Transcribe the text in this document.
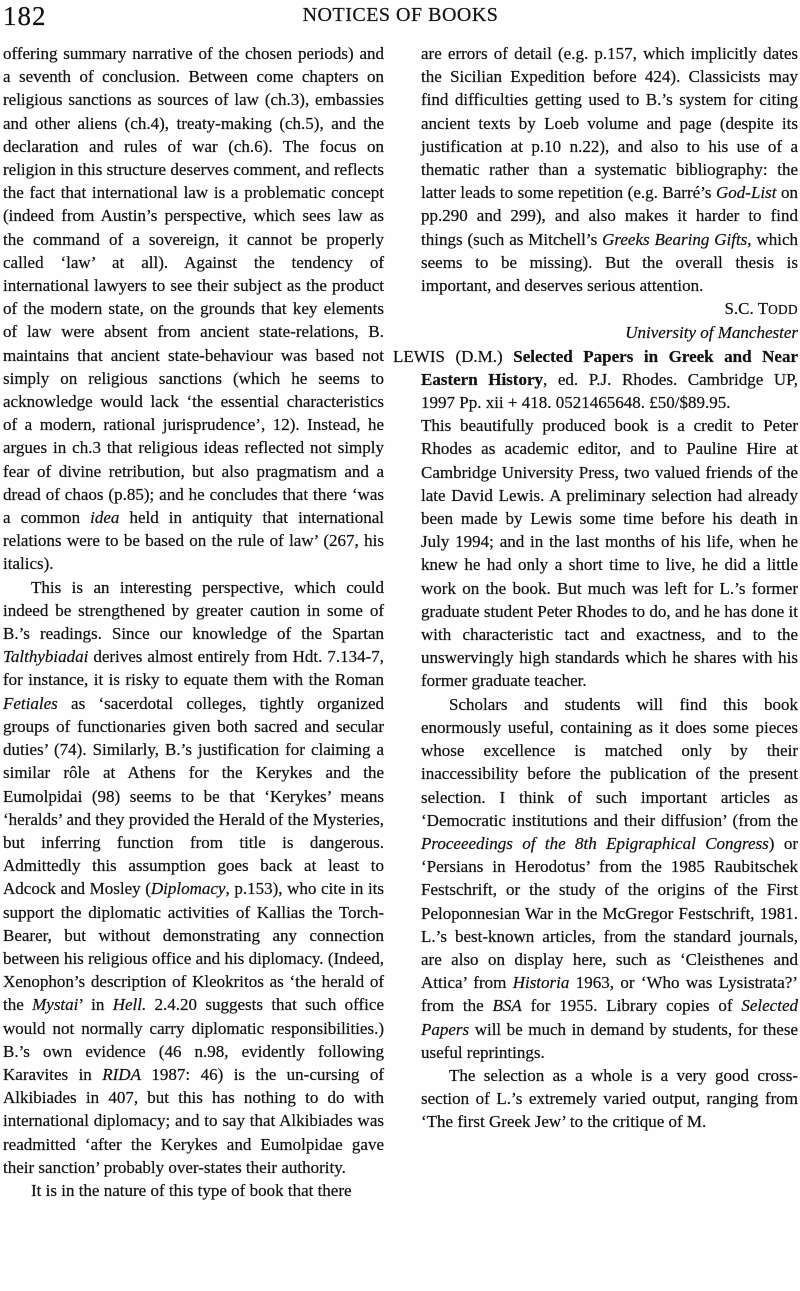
182	NOTICES OF BOOKS

offering summary narrative of the chosen periods) and a seventh of conclusion. Between come chapters on religious sanctions as sources of law (ch.3), embassies and other aliens (ch.4), treaty-making (ch.5), and the declaration and rules of war (ch.6). The focus on religion in this structure deserves comment, and reflects the fact that international law is a problematic concept (indeed from Austin’s perspective, which sees law as the command of a sovereign, it cannot be properly called ‘law’ at all). Against the tendency of international lawyers to see their subject as the product of the modern state, on the grounds that key elements of law were absent from ancient state-relations, B. maintains that ancient state-behaviour was based not simply on religious sanctions (which he seems to acknowledge would lack ‘the essential characteristics of a modern, rational jurisprudence’, 12). Instead, he argues in ch.3 that religious ideas reflected not simply fear of divine retribution, but also pragmatism and a dread of chaos (p.85); and he concludes that there ‘was a common idea held in antiquity that international relations were to be based on the rule of law’ (267, his italics).

This is an interesting perspective, which could indeed be strengthened by greater caution in some of B.’s readings. Since our knowledge of the Spartan Talthybiadai derives almost entirely from Hdt. 7.134-7, for instance, it is risky to equate them with the Roman Fetiales as ‘sacerdotal colleges, tightly organized groups of functionaries given both sacred and secular duties’ (74). Similarly, B.’s justification for claiming a similar rôle at Athens for the Kerykes and the Eumolpidai (98) seems to be that ‘Kerykes’ means ‘heralds’ and they provided the Herald of the Mysteries, but inferring function from title is dangerous. Admittedly this assumption goes back at least to Adcock and Mosley (Diplomacy, p.153), who cite in its support the diplomatic activities of Kallias the Torch-Bearer, but without demonstrating any connection between his religious office and his diplomacy. (Indeed, Xenophon’s description of Kleokritos as ‘the herald of the Mystai’ in Hell. 2.4.20 suggests that such office would not normally carry diplomatic responsibilities.) B.’s own evidence (46 n.98, evidently following Karavites in RIDA 1987: 46) is the un-cursing of Alkibiades in 407, but this has nothing to do with international diplomacy; and to say that Alkibiades was readmitted ‘after the Kerykes and Eumolpidae gave their sanction’ probably over-states their authority.

It is in the nature of this type of book that there

are errors of detail (e.g. p.157, which implicitly dates the Sicilian Expedition before 424). Classicists may find difficulties getting used to B.’s system for citing ancient texts by Loeb volume and page (despite its justification at p.10 n.22), and also to his use of a thematic rather than a systematic bibliography: the latter leads to some repetition (e.g. Barré’s God-List on pp.290 and 299), and also makes it harder to find things (such as Mitchell’s Greeks Bearing Gifts, which seems to be missing). But the overall thesis is important, and deserves serious attention.

S.C. TODD

University of Manchester

LEWIS (D.M.) Selected Papers in Greek and Near Eastern History, ed. P.J. Rhodes. Cambridge UP, 1997 Pp. xii + 418. 0521465648. £50/$89.95.

This beautifully produced book is a credit to Peter Rhodes as academic editor, and to Pauline Hire at Cambridge University Press, two valued friends of the late David Lewis. A preliminary selection had already been made by Lewis some time before his death in July 1994; and in the last months of his life, when he knew he had only a short time to live, he did a little work on the book. But much was left for L.’s former graduate student Peter Rhodes to do, and he has done it with characteristic tact and exactness, and to the unswervingly high standards which he shares with his former graduate teacher.

Scholars and students will find this book enormously useful, containing as it does some pieces whose excellence is matched only by their inaccessibility before the publication of the present selection. I think of such important articles as ‘Democratic institutions and their diffusion’ (from the Proceeedings of the 8th Epigraphical Congress) or ‘Persians in Herodotus’ from the 1985 Raubitschek Festschrift, or the study of the origins of the First Peloponnesian War in the McGregor Festschrift, 1981. L.’s best-known articles, from the standard journals, are also on display here, such as ‘Cleisthenes and Attica’ from Historia 1963, or ‘Who was Lysistrata?’ from the BSA for 1955. Library copies of Selected Papers will be much in demand by students, for these useful reprintings.

The selection as a whole is a very good cross-section of L.’s extremely varied output, ranging from ‘The first Greek Jew’ to the critique of M.
